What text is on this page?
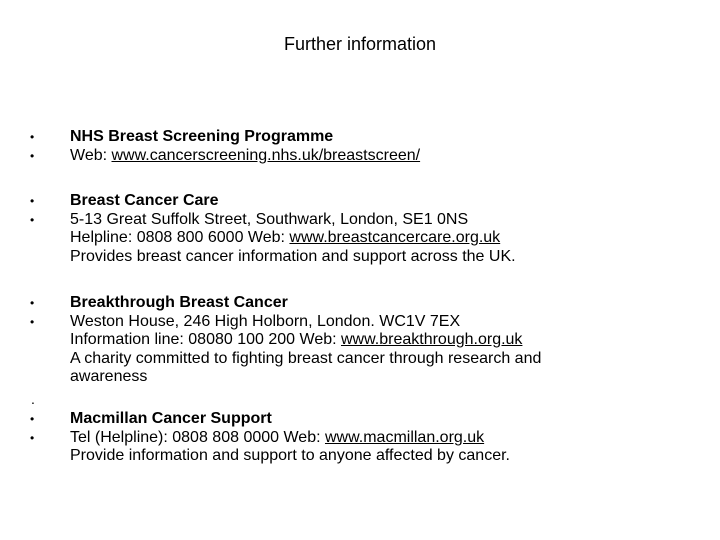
Further information
•
•
NHS Breast Screening Programme
Web: www.cancerscreening.nhs.uk/breastscreen/
•
•
Breast Cancer Care
5-13 Great Suffolk Street, Southwark, London, SE1 0NS
Helpline: 0808 800 6000 Web: www.breastcancercare.org.uk
Provides breast cancer information and support across the UK.
•
•
Breakthrough Breast Cancer
Weston House, 246 High Holborn, London. WC1V 7EX
Information line: 08080 100 200 Web: www.breakthrough.org.uk
A charity committed to fighting breast cancer through research and
awareness
.
•
•
Macmillan Cancer Support
Tel (Helpline): 0808 808 0000 Web: www.macmillan.org.uk
Provide information and support to anyone affected by cancer.
